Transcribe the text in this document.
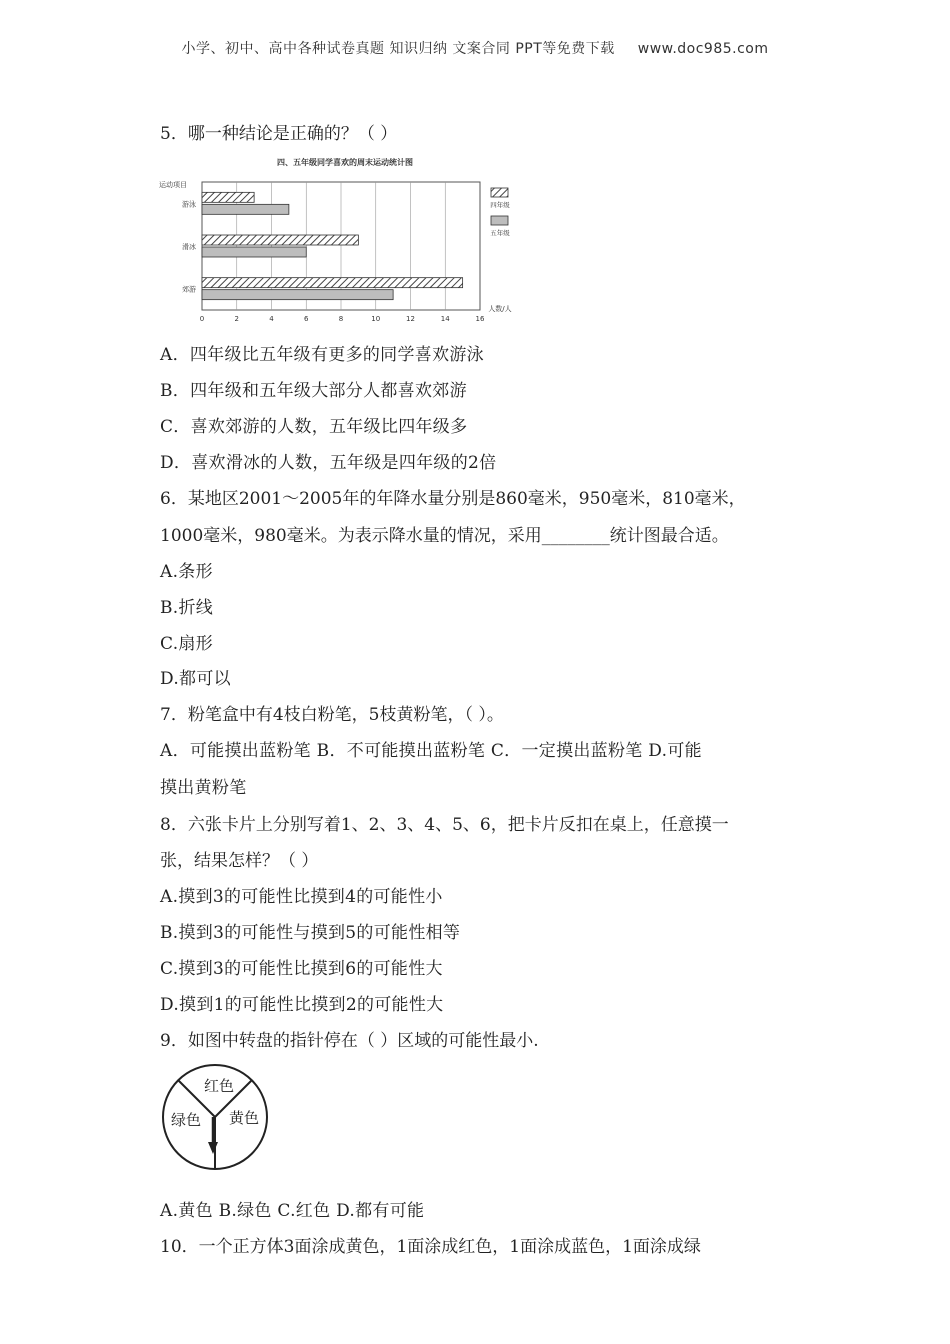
小学、初中、高中各种试卷真题 知识归纳 文案合同 PPT等免费下载 www.doc985.com
5．哪一种结论是正确的？（ ）
四、五年级同学喜欢的周末运动统计图
运动项目
0	2	4	6	8	10	12	14	16
游泳
滑冰
郊游
人数/人
四年级
五年级
A．四年级比五年级有更多的同学喜欢游泳
B．四年级和五年级大部分人都喜欢郊游
C．喜欢郊游的人数，五年级比四年级多
D．喜欢滑冰的人数，五年级是四年级的2倍
6．某地区2001～2005年的年降水量分别是860毫米，950毫米，810毫米，
1000毫米，980毫米。为表示降水量的情况，采用________统计图最合适。
A.条形
B.折线
C.扇形
D.都可以
7．粉笔盒中有4枝白粉笔，5枝黄粉笔，（ ）。
A．可能摸出蓝粉笔 B．不可能摸出蓝粉笔 C．一定摸出蓝粉笔 D.可能
摸出黄粉笔
8．六张卡片上分别写着1、2、3、4、5、6，把卡片反扣在桌上，任意摸一
张，结果怎样？（ ）
A.摸到3的可能性比摸到4的可能性小
B.摸到3的可能性与摸到5的可能性相等
C.摸到3的可能性比摸到6的可能性大
D.摸到1的可能性比摸到2的可能性大
9．如图中转盘的指针停在（ ）区域的可能性最小.
红色
绿色 黄色
A.黄色 B.绿色 C.红色 D.都有可能
10．一个正方体3面涂成黄色，1面涂成红色，1面涂成蓝色，1面涂成绿
